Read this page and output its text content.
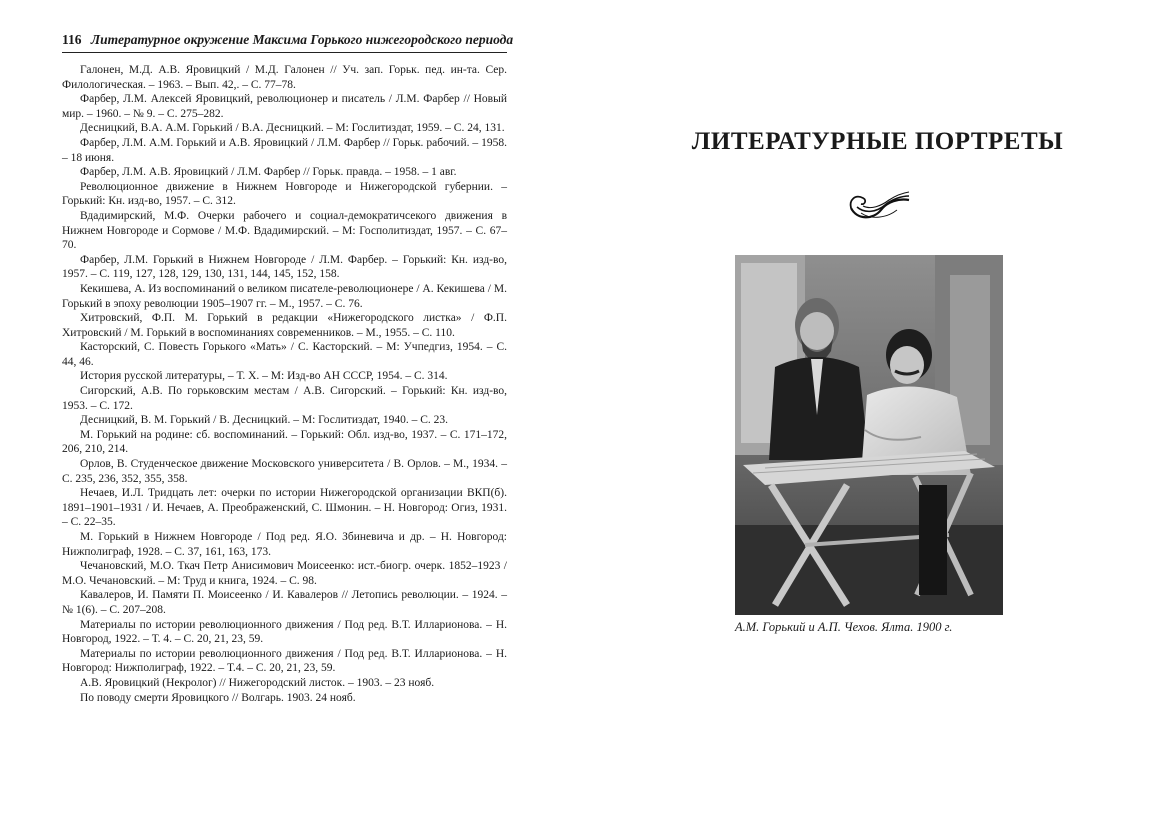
116 Литературное окружение Максима Горького нижегородского периода
Галонен, М.Д. А.В. Яровицкий / М.Д. Галонен // Уч. зап. Горьк. пед. ин-та. Сер. Филологическая. – 1963. – Вып. 42,. – С. 77–78.
Фарбер, Л.М. Алексей Яровицкий, революционер и писатель / Л.М. Фарбер // Новый мир. – 1960. – № 9. – С. 275–282.
Десницкий, В.А. А.М. Горький / В.А. Десницкий. – М: Гослитиздат, 1959. – С. 24, 131.
Фарбер, Л.М. А.М. Горький и А.В. Яровицкий / Л.М. Фарбер // Горьк. рабочий. – 1958. – 18 июня.
Фарбер, Л.М. А.В. Яровицкий / Л.М. Фарбер // Горьк. правда. – 1958. – 1 авг.
Революционное движение в Нижнем Новгороде и Нижегородской губернии. – Горький: Кн. изд-во, 1957. – С. 312.
Вдадимирский, М.Ф. Очерки рабочего и социал-демократичсекого движения в Нижнем Новгороде и Сормове / М.Ф. Вдадимирский. – М: Госполитиздат, 1957. – С. 67–70.
Фарбер, Л.М. Горький в Нижнем Новгороде / Л.М. Фарбер. – Горький: Кн. изд-во, 1957. – С. 119, 127, 128, 129, 130, 131, 144, 145, 152, 158.
Кекишева, А. Из воспоминаний о великом писателе-революционере / А. Кекишева / М. Горький в эпоху революции 1905–1907 гг. – М., 1957. – С. 76.
Хитровский, Ф.П. М. Горький в редакции «Нижегородского листка» / Ф.П. Хитровский / М. Горький в воспоминаниях современников. – М., 1955. – С. 110.
Касторский, С. Повесть Горького «Мать» / С. Касторский. – М: Учпедгиз, 1954. – С. 44, 46.
История русской литературы, – Т. X. – М: Изд-во АН СССР, 1954. – С. 314.
Сигорский, А.В. По горьковским местам / А.В. Сигорский. – Горький: Кн. изд-во, 1953. – С. 172.
Десницкий, В. М. Горький / В. Десницкий. – М: Гослитиздат, 1940. – С. 23.
М. Горький на родине: сб. воспоминаний. – Горький: Обл. изд-во, 1937. – С. 171–172, 206, 210, 214.
Орлов, В. Студенческое движение Московского университета / В. Орлов. – М., 1934. – С. 235, 236, 352, 355, 358.
Нечаев, И.Л. Тридцать лет: очерки по истории Нижегородской организации ВКП(б). 1891–1901–1931 / И. Нечаев, А. Преображенский, С. Шмонин. – Н. Новгород: Огиз, 1931. – С. 22–35.
М. Горький в Нижнем Новгороде / Под ред. Я.О. Збиневича и др. – Н. Новгород: Нижполиграф, 1928. – С. 37, 161, 163, 173.
Чечановский, М.О. Ткач Петр Анисимович Моисеенко: ист.-биогр. очерк. 1852–1923 / М.О. Чечановский. – М: Труд и книга, 1924. – С. 98.
Кавалеров, И. Памяти П. Моисеенко / И. Кавалеров // Летопись революции. – 1924. – № 1(6). – С. 207–208.
Материалы по истории революционного движения / Под ред. В.Т. Илларионова. – Н. Новгород, 1922. – Т. 4. – С. 20, 21, 23, 59.
Материалы по истории революционного движения / Под ред. В.Т. Илларионова. – Н. Новгород: Нижполиграф, 1922. – Т.4. – С. 20, 21, 23, 59.
А.В. Яровицкий (Некролог) // Нижегородский листок. – 1903. – 23 нояб.
По поводу смерти Яровицкого // Волгарь. 1903. 24 нояб.
ЛИТЕРАТУРНЫЕ ПОРТРЕТЫ
А.М. Горький и А.П. Чехов. Ялта. 1900 г.
